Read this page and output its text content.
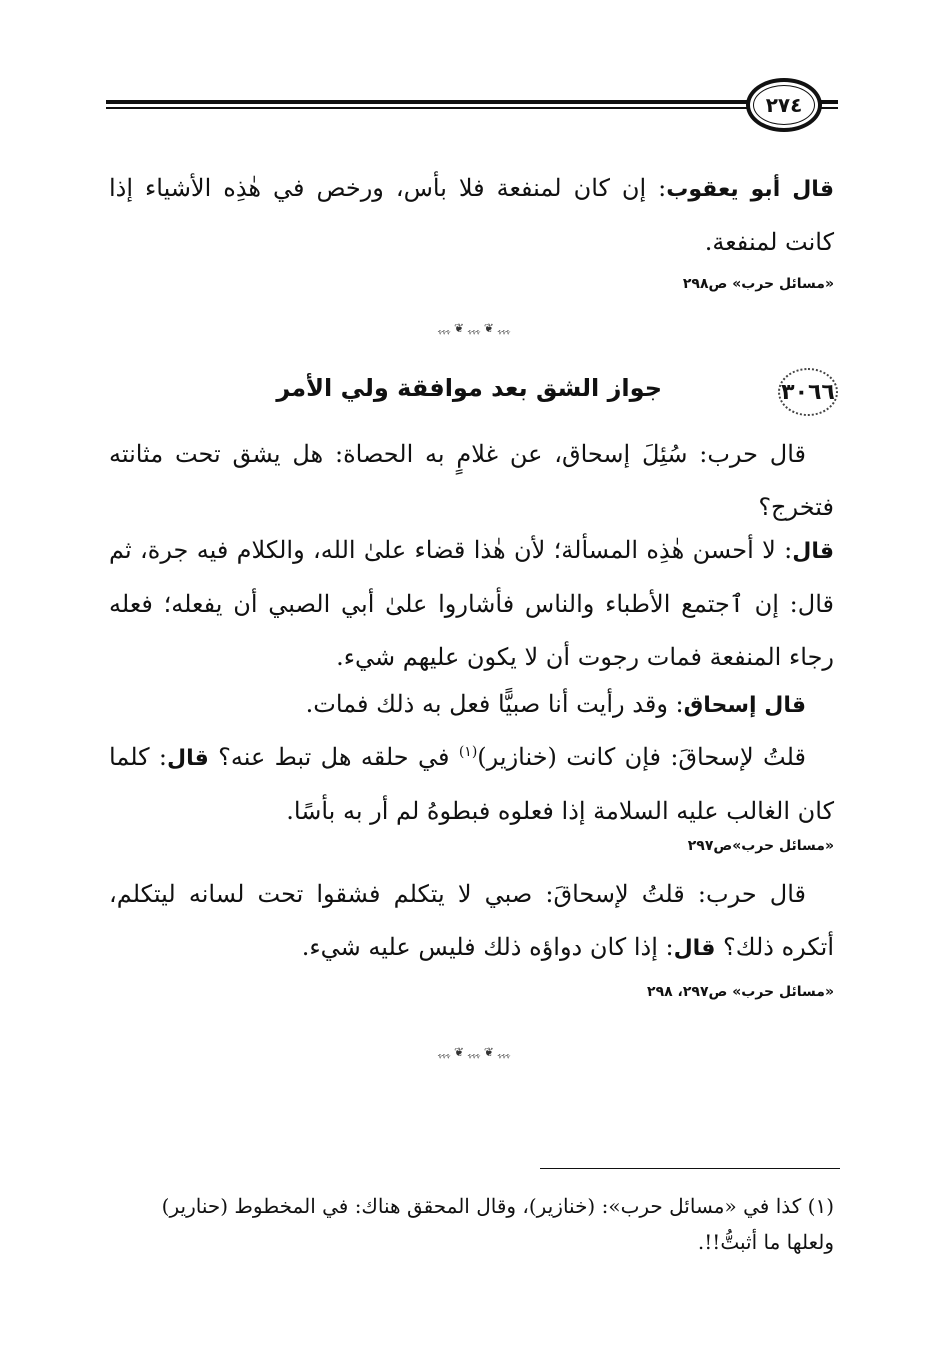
٢٧٤
قال أبو يعقوب: إن كان لمنفعة فلا بأس، ورخص في هٰذِه الأشياء إذا كانت لمنفعة.
«مسائل حرب» ص٢٩٨
ﮩﮩﮩ ❦ ﮩﮩﮩ ❦ ﮩﮩﮩ
٣٠٦٦
جواز الشق بعد موافقة ولي الأمر
قال حرب: سُئِلَ إسحاق، عن غلامٍ به الحصاة: هل يشق تحت مثانته فتخرج؟
قال: لا أحسن هٰذِه المسألة؛ لأن هٰذا قضاء علىٰ الله، والكلام فيه جرة، ثم قال: إن ٱجتمع الأطباء والناس فأشاروا علىٰ أبي الصبي أن يفعله؛ فعله رجاء المنفعة فمات رجوت أن لا يكون عليهم شيء.
قال إسحاق: وقد رأيت أنا صبيًّا فعل به ذلك فمات.
قلتُ لإسحاقَ: فإن كانت (خنازير)$^{(١)}$ في حلقه هل تبط عنه؟ قال: كلما كان الغالب عليه السلامة إذا فعلوه فبطوهُ لم أر به بأسًا.
«مسائل حرب»ص٢٩٧
قال حرب: قلتُ لإسحاقَ: صبي لا يتكلم فشقوا تحت لسانه ليتكلم، أتكره ذلك؟ قال: إذا كان دواؤه ذلك فليس عليه شيء.
«مسائل حرب» ص٢٩٧، ٢٩٨
ﮩﮩﮩ ❦ ﮩﮩﮩ ❦ ﮩﮩﮩ
(١) كذا في «مسائل حرب»: (خنازير)، وقال المحقق هناك: في المخطوط (حنارير) ولعلها ما أثبتُّ!!.
